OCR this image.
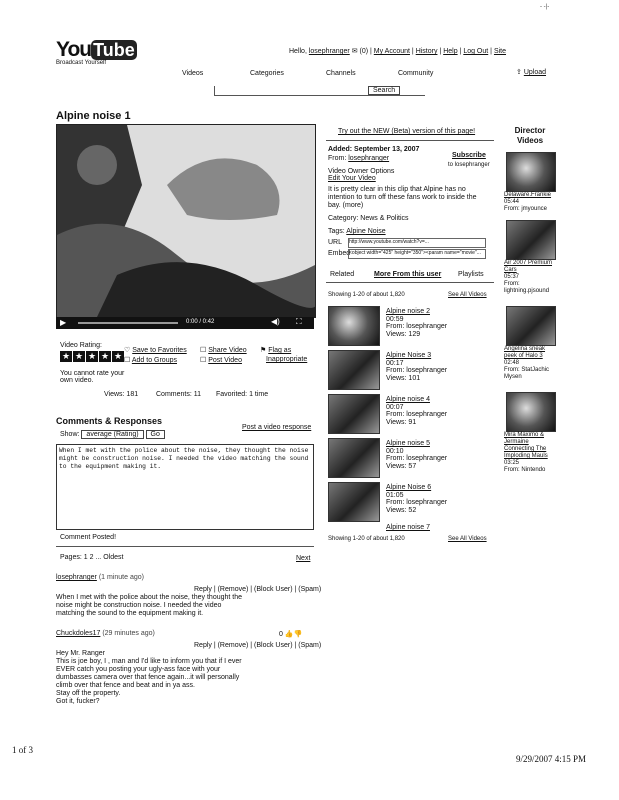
- -|-
You Tube
Broadcast Yourself
Hello, losephranger ✉ (0) | My Account | History | Help | Log Out | Site
Videos	Categories	Channels	Community	⇪ Upload
Search
Alpine noise 1
▶	0:00 / 0:42	◀) ⛶
Video Rating:
★ ★ ★ ★ ★
You cannot rate your own video.
♡ Save to Favorites ☐ Share Video ⚑ Flag as
☐ Add to Groups	☐ Post Video	Inappropriate
Views: 181	Comments: 11 Favorited: 1 time
Comments & Responses
Post a video response
Show: average (Rating) Go
When I met with the police about the noise, they thought the noise might be construction noise. I needed the video matching the sound to the equipment making it.
Comment Posted!
Pages: 1 2 ... Oldest	Next
losephranger (1 minute ago)
Reply | (Remove) | (Block User) | (Spam)
When I met with the police about the noise, they thought the
noise might be construction noise. I needed the video
matching the sound to the equipment making it.
Chuckdoles17 (29 minutes ago)	0 👍👎
Reply | (Remove) | (Block User) | (Spam)
Hey Mr. Ranger
This is joe boy, I , man and I'd like to inform you that if I ever
EVER catch you posting your ugly-ass face with your
dumbasses camera over that fence again...it will personally
climb over that fence and beat and in ya ass.
Stay off the property.
Got it, fucker?
Try out the NEW (Beta) version of this page!
Added: September 13, 2007
From: losephranger	Subscribe
to losephranger
Video Owner Options
Edit Your Video
It is pretty clear in this clip that Alpine has no intention to turn off these fans work to inside the bay. (more)
Category: News & Politics
Tags: Alpine Noise
URL http://www.youtube.com/watch?v=...
Embed
<object width="425" height="350"><param name="movie"...
Related	More From this user Playlists
Showing 1-20 of about 1,820	See All Videos
Alpine noise 2
00:59
From: losephranger
Views: 129
Alpine Noise 3
00:17
From: losephranger
Views: 101
Alpine noise 4
00:07
From: losephranger
Views: 91
Alpine noise 5
00:10
From: losephranger
Views: 57
Alpine Noise 6
01:05
From: losephranger
Views: 52
Alpine noise 7
Showing 1-20 of about 1,820	See All Videos
Director Videos
Delaware.Frankie
05:44
From: jmyounce
Air 2007 Premium Cars
05:37
From: lightning.pjsound
Angelina sneak peek of Halo 3
02:48
From: StatJachic Mysen
Mira Maximo & Jermaine Connecting The Imploding Mauls
03:25
From: Nintendo
1 of 3
9/29/2007 4:15 PM
